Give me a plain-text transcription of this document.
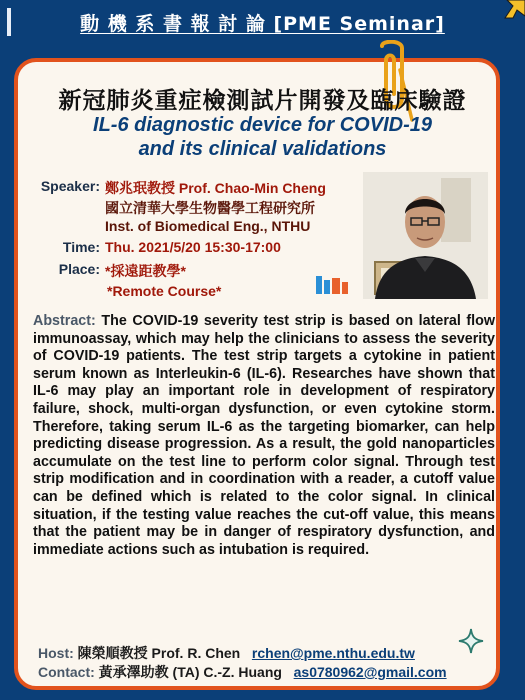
動 機 系 書 報 討 論 [PME Seminar]
新冠肺炎重症檢測試片開發及臨床驗證
IL-6 diagnostic device for COVID-19
and its clinical validations
Speaker: 鄭兆珉教授 Prof. Chao-Min Cheng
國立清華大學生物醫學工程研究所
Inst. of Biomedical Eng., NTHU
Time: Thu. 2021/5/20 15:30-17:00
Place: *採遠距教學*
*Remote Course*
Abstract: The COVID-19 severity test strip is based on lateral flow immunoassay, which may help the clinicians to assess the severity of COVID-19 patients. The test strip targets a cytokine in patient serum known as Interleukin-6 (IL-6). Researches have shown that IL-6 may play an important role in development of respiratory failure, shock, multi-organ dysfunction, or even cytokine storm. Therefore, taking serum IL-6 as the targeting biomarker, can help predicting disease progression. As a result, the gold nanoparticles accumulate on the test line to perform color signal. Through test strip modification and in coordination with a reader, a cutoff value can be defined which is related to the color signal. In clinical situation, if the testing value reaches the cut-off value, this means that the patient may be in danger of respiratory dysfunction, and immediate actions such as intubation is required.
Host: 陳榮順教授 Prof. R. Chen rchen@pme.nthu.edu.tw
Contact: 黃承澤助教 (TA) C.-Z. Huang as0780962@gmail.com
